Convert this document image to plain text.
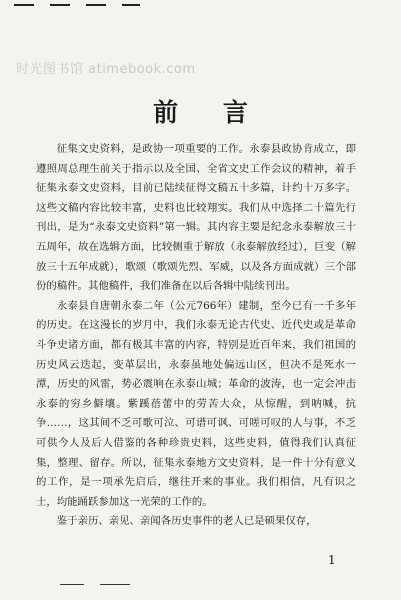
时光图书馆 atimebook.com
前 言

征集文史资料，是政协一项重要的工作。永泰县政协肯成立，即遵照周总理生前关于指示以及全国、全省文史工作会议的精神，着手征集永泰文史资料，目前已陆续征得文稿五十多篇，计约十万多字。这些文稿内容比较丰富，史料也比较翔实。我们从中选择二十篇先行刊出，是为“永泰文史资料”第一辑。其内容主要是纪念永泰解放三十五周年，故在选辑方面，比较侧重于解放（永泰解放经过），巨变（解放三十五年成就），歌颂（歌颂先烈、军威，以及各方面成就）三个部份的稿件。其他稿件，我们准备在以后各辑中陆续刊出。

永泰县自唐朝永泰二年（公元766年）建制，至今已有一千多年的历史。在这漫长的岁月中，我们永泰无论古代史、近代史或是革命斗争史诸方面，都有极其丰富的内容，特别是近百年来，我们祖国的历史风云迭起，变革层出，永泰虽地处偏远山区，但决不是死水一潭，历史的风雷，势必震响在永泰山城；革命的波涛，也一定会冲击永泰的穷乡僻壤。紫蹊蓓蕾中的劳苦大众，从惊醒，到呐喊，抗争……，这其间不乏可歌可泣、可谱可讽、可嗟可叹的人与事，不乏可供今人及后人借鉴的各种珍贵史料，这些史料，值得我们认真征集，整理、留存。所以，征集永泰地方文史资料，是一件十分有意义的工作，是一项承先启后，继往开来的事业。我们相信，凡有识之士，均能踊跃参加这一光荣的工作的。

鉴于亲历、亲见、亲闻各历史事件的老人已是硕果仅存，

1
